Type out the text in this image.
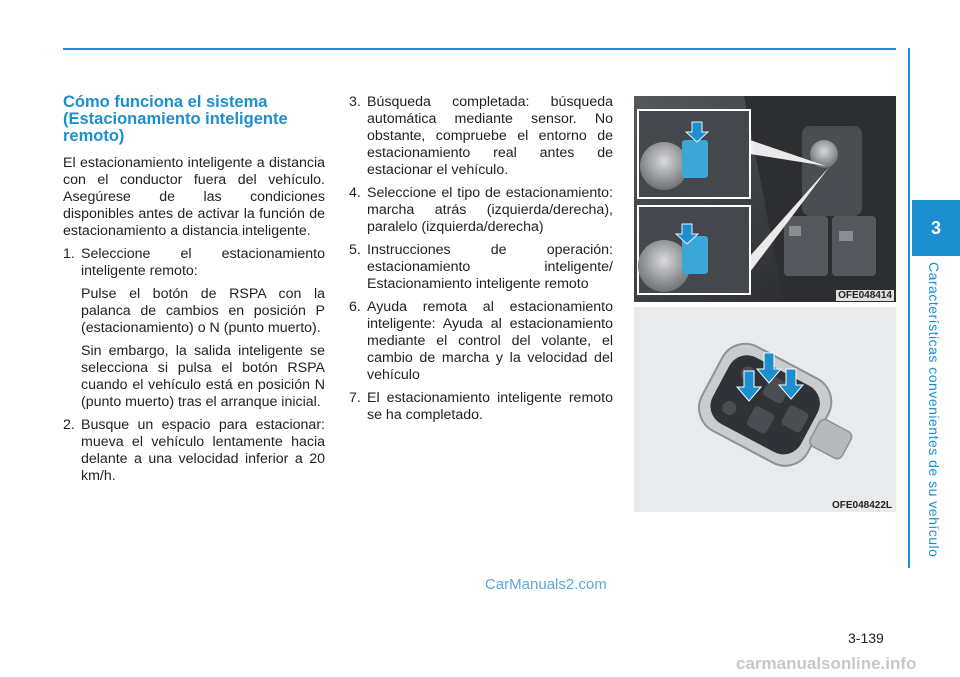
3
Características convenientes de su vehículo
Cómo funciona el sistema (Estacionamiento inteligente remoto)

El estacionamiento inteligente a distancia con el conductor fuera del vehículo. Asegúrese de las condiciones disponibles antes de activar la función de estacionamiento a distancia inteligente.

1. Seleccione el estacionamiento inteligente remoto:
Pulse el botón de RSPA con la palanca de cambios en posición P (estacionamiento) o N (punto muerto).
Sin embargo, la salida inteligente se selecciona si pulsa el botón RSPA cuando el vehículo está en posición N (punto muerto) tras el arranque inicial.
2. Busque un espacio para estacionar: mueva el vehículo lentamente hacia delante a una velocidad inferior a 20 km/h.
3. Búsqueda completada: búsqueda automática mediante sensor. No obstante, compruebe el entorno de estacionamiento real antes de estacionar el vehículo.
4. Seleccione el tipo de estacionamiento: marcha atrás (izquierda/derecha), paralelo (izquierda/derecha)
5. Instrucciones de operación: estacionamiento inteligente/ Estacionamiento inteligente remoto
6. Ayuda remota al estacionamiento inteligente: Ayuda al estacionamiento mediante el control del volante, el cambio de marcha y la velocidad del vehículo
7. El estacionamiento inteligente remoto se ha completado.
OFE048414
OFE048422L
CarManuals2.com
3-139
carmanualsonline.info
